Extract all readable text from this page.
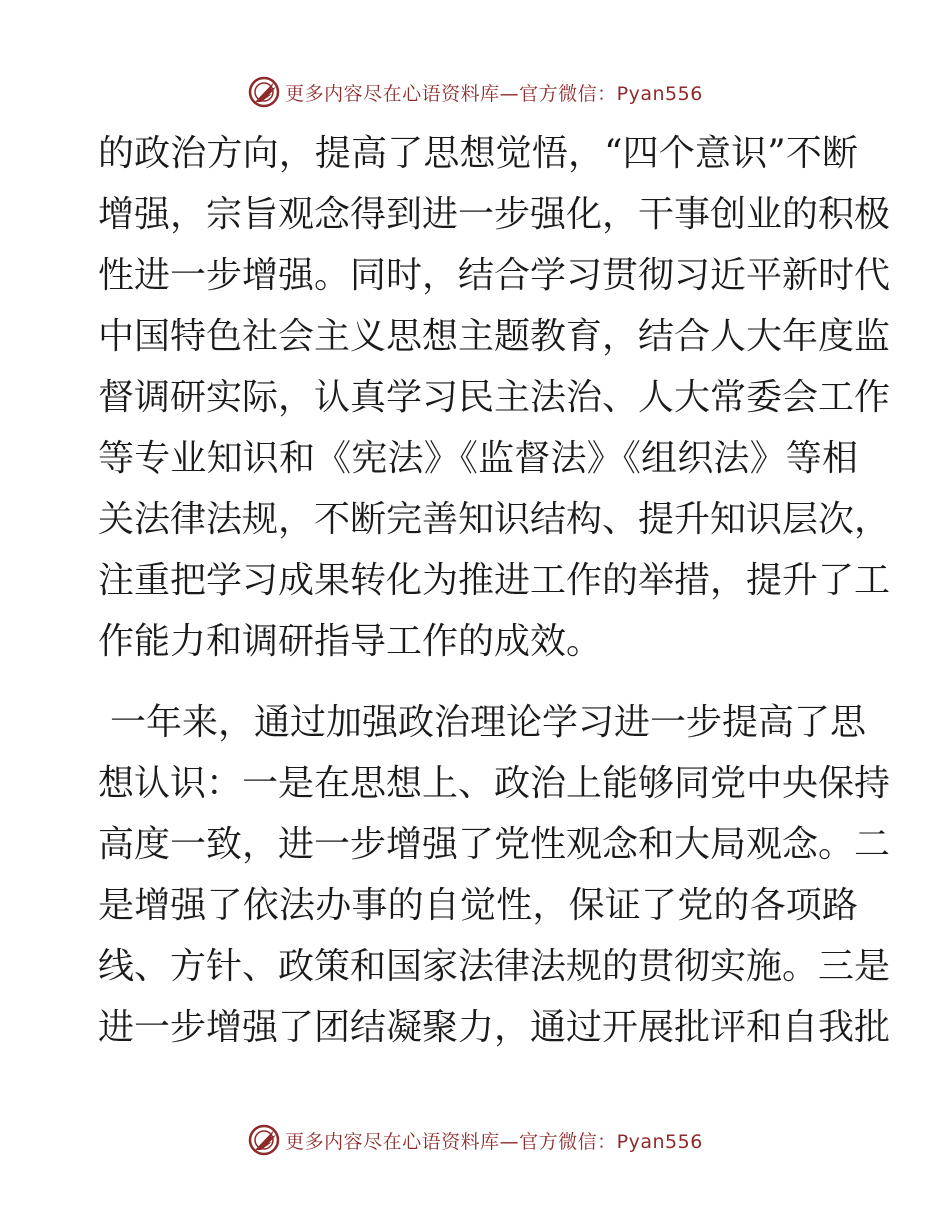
更多内容尽在心语资料库—官方微信：Pyan556
的政治方向，提高了思想觉悟，“四个意识”不断
增强，宗旨观念得到进一步强化，干事创业的积极
性进一步增强。同时，结合学习贯彻习近平新时代
中国特色社会主义思想主题教育，结合人大年度监
督调研实际，认真学习民主法治、人大常委会工作
等专业知识和《宪法》《监督法》《组织法》等相
关法律法规，不断完善知识结构、提升知识层次，
注重把学习成果转化为推进工作的举措，提升了工
作能力和调研指导工作的成效。
一年来，通过加强政治理论学习进一步提高了思
想认识：一是在思想上、政治上能够同党中央保持
高度一致，进一步增强了党性观念和大局观念。二
是增强了依法办事的自觉性，保证了党的各项路
线、方针、政策和国家法律法规的贯彻实施。三是
进一步增强了团结凝聚力，通过开展批评和自我批
更多内容尽在心语资料库—官方微信：Pyan556
